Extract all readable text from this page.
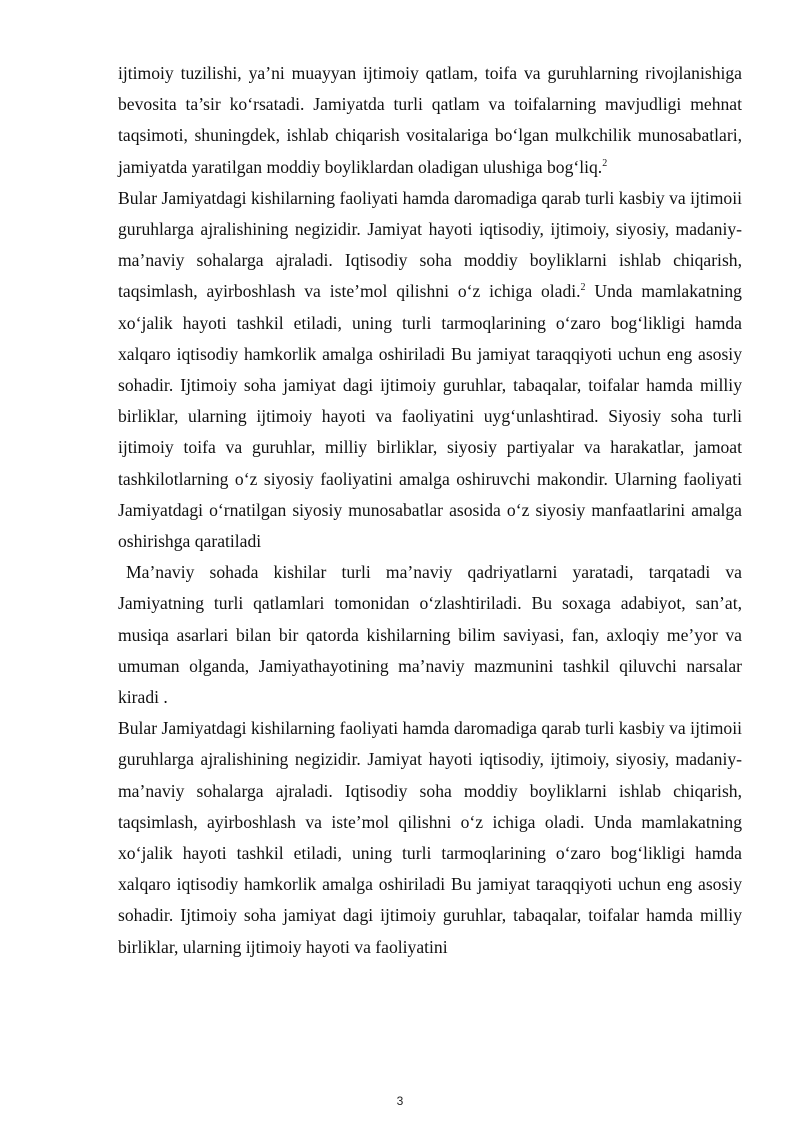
ijtimoiy tuzilishi, ya’ni muayyan ijtimoiy qatlam, toifa va guruhlarning rivojlanishiga bevosita ta’sir ko‘rsatadi. Jamiyatda turli qatlam va toifalarning mavjudligi mehnat taqsimoti, shuningdek, ishlab chiqarish vositalariga bo‘lgan mulkchilik munosabatlari, jamiyatda yaratilgan moddiy boyliklardan oladigan ulushiga bog‘liq.$^2$

Bular Jamiyatdagi kishilarning faoliyati hamda daromadiga qarab turli kasbiy va ijtimoii guruhlarga ajralishining negizidir. Jamiyat hayoti iqtisodiy, ijtimoiy, siyosiy, madaniy-ma’naviy sohalarga ajraladi. Iqtisodiy soha moddiy boyliklarni ishlab chiqarish, taqsimlash, ayirboshlash va iste’mol qilishni o‘z ichiga oladi.$^2$ Unda mamlakatning xo‘jalik hayoti tashkil etiladi, uning turli tarmoqlarining o‘zaro bog‘likligi hamda xalqaro iqtisodiy hamkorlik amalga oshiriladi Bu jamiyat taraqqiyoti uchun eng asosiy sohadir. Ijtimoiy soha jamiyat dagi ijtimoiy guruhlar, tabaqalar, toifalar hamda milliy birliklar, ularning ijtimoiy hayoti va faoliyatini uyg‘unlashtirad. Siyosiy soha turli ijtimoiy toifa va guruhlar, milliy birliklar, siyosiy partiyalar va harakatlar, jamoat tashkilotlarning o‘z siyosiy faoliyatini amalga oshiruvchi makondir. Ularning faoliyati Jamiyatdagi o‘rnatilgan siyosiy munosabatlar asosida o‘z siyosiy manfaatlarini amalga oshirishga qaratiladi

Ma’naviy sohada kishilar turli ma’naviy qadriyatlarni yaratadi, tarqatadi va Jamiyatning turli qatlamlari tomonidan o‘zlashtiriladi. Bu soxaga adabiyot, san’at, musiqa asarlari bilan bir qatorda kishilarning bilim saviyasi, fan, axloqiy me’yor va umuman olganda, Jamiyathayotining ma’naviy mazmunini tashkil qiluvchi narsalar kiradi .

Bular Jamiyatdagi kishilarning faoliyati hamda daromadiga qarab turli kasbiy va ijtimoii guruhlarga ajralishining negizidir. Jamiyat hayoti iqtisodiy, ijtimoiy, siyosiy, madaniy-ma’naviy sohalarga ajraladi. Iqtisodiy soha moddiy boyliklarni ishlab chiqarish, taqsimlash, ayirboshlash va iste’mol qilishni o‘z ichiga oladi. Unda mamlakatning xo‘jalik hayoti tashkil etiladi, uning turli tarmoqlarining o‘zaro bog‘likligi hamda xalqaro iqtisodiy hamkorlik amalga oshiriladi Bu jamiyat taraqqiyoti uchun eng asosiy sohadir. Ijtimoiy soha jamiyat dagi ijtimoiy guruhlar, tabaqalar, toifalar hamda milliy birliklar, ularning ijtimoiy hayoti va faoliyatini

3
